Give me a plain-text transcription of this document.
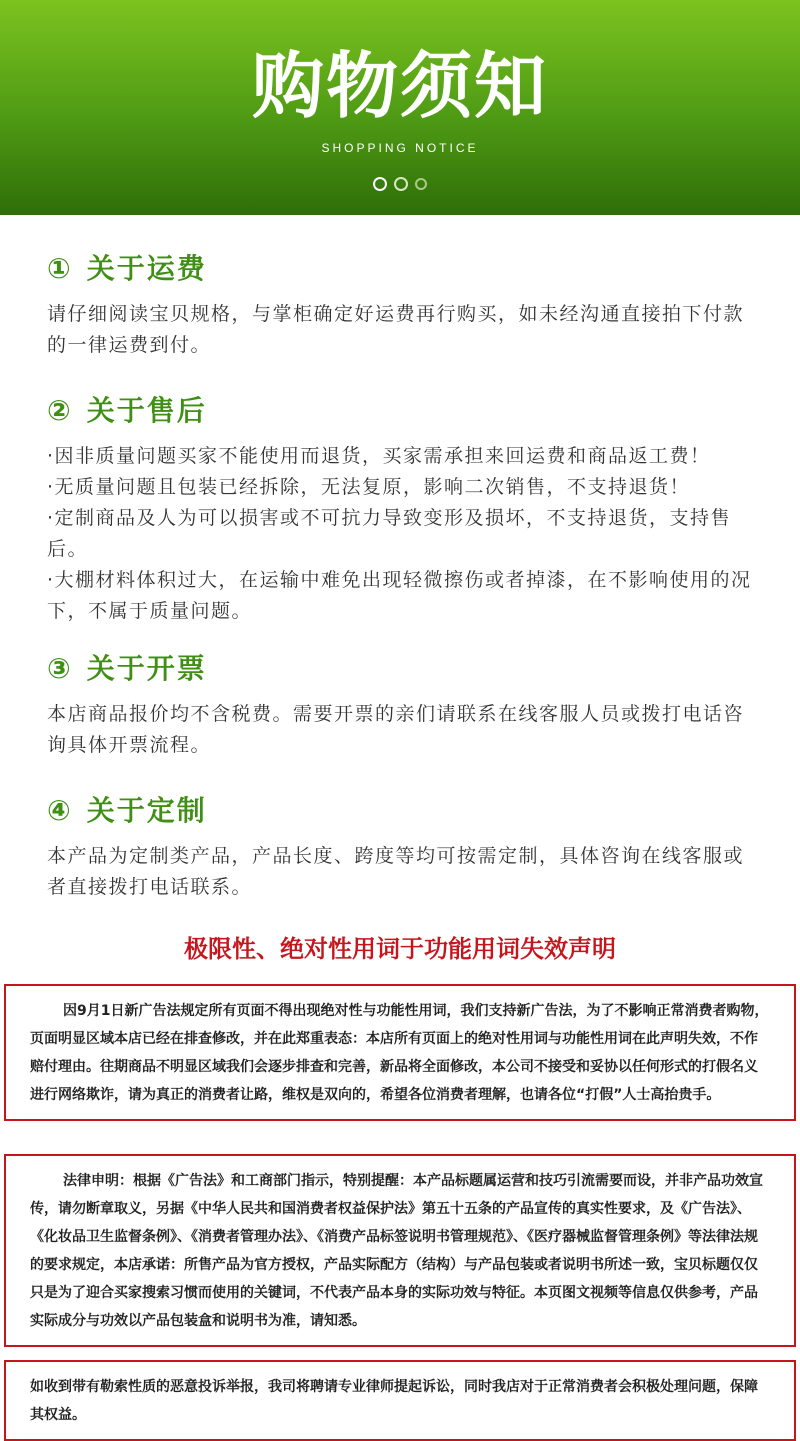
购物须知
SHOPPING NOTICE

① 关于运费

请仔细阅读宝贝规格，与掌柜确定好运费再行购买，如未经沟通直接拍下付款的一律运费到付。

② 关于售后

·因非质量问题买家不能使用而退货，买家需承担来回运费和商品返工费！

·无质量问题且包装已经拆除，无法复原，影响二次销售，不支持退货！

·定制商品及人为可以损害或不可抗力导致变形及损坏，不支持退货，支持售后。

·大棚材料体积过大，在运输中难免出现轻微擦伤或者掉漆，在不影响使用的况下，不属于质量问题。

③ 关于开票

本店商品报价均不含税费。需要开票的亲们请联系在线客服人员或拨打电话咨询具体开票流程。

④ 关于定制

本产品为定制类产品，产品长度、跨度等均可按需定制，具体咨询在线客服或者直接拨打电话联系。

极限性、绝对性用词于功能用词失效声明

因9月1日新广告法规定所有页面不得出现绝对性与功能性用词，我们支持新广告法，为了不影响正常消费者购物，页面明显区域本店已经在排查修改，并在此郑重表态：本店所有页面上的绝对性用词与功能性用词在此声明失效，不作赔付理由。往期商品不明显区域我们会逐步排查和完善，新品将全面修改，本公司不接受和妥协以任何形式的打假名义进行网络欺诈，请为真正的消费者让路，维权是双向的，希望各位消费者理解，也请各位“打假”人士高抬贵手。

法律申明：根据《广告法》和工商部门指示，特别提醒：本产品标题属运营和技巧引流需要而设，并非产品功效宣传，请勿断章取义，另据《中华人民共和国消费者权益保护法》第五十五条的产品宣传的真实性要求，及《广告法》、《化妆品卫生监督条例》、《消费者管理办法》、《消费产品标签说明书管理规范》、《医疗器械监督管理条例》等法律法规的要求规定，本店承诺：所售产品为官方授权，产品实际配方（结构）与产品包装或者说明书所述一致，宝贝标题仅仅只是为了迎合买家搜索习惯而使用的关键词，不代表产品本身的实际功效与特征。本页图文视频等信息仅供参考，产品实际成分与功效以产品包装盒和说明书为准，请知悉。

如收到带有勒索性质的恶意投诉举报，我司将聘请专业律师提起诉讼，同时我店对于正常消费者会积极处理问题，保障其权益。
